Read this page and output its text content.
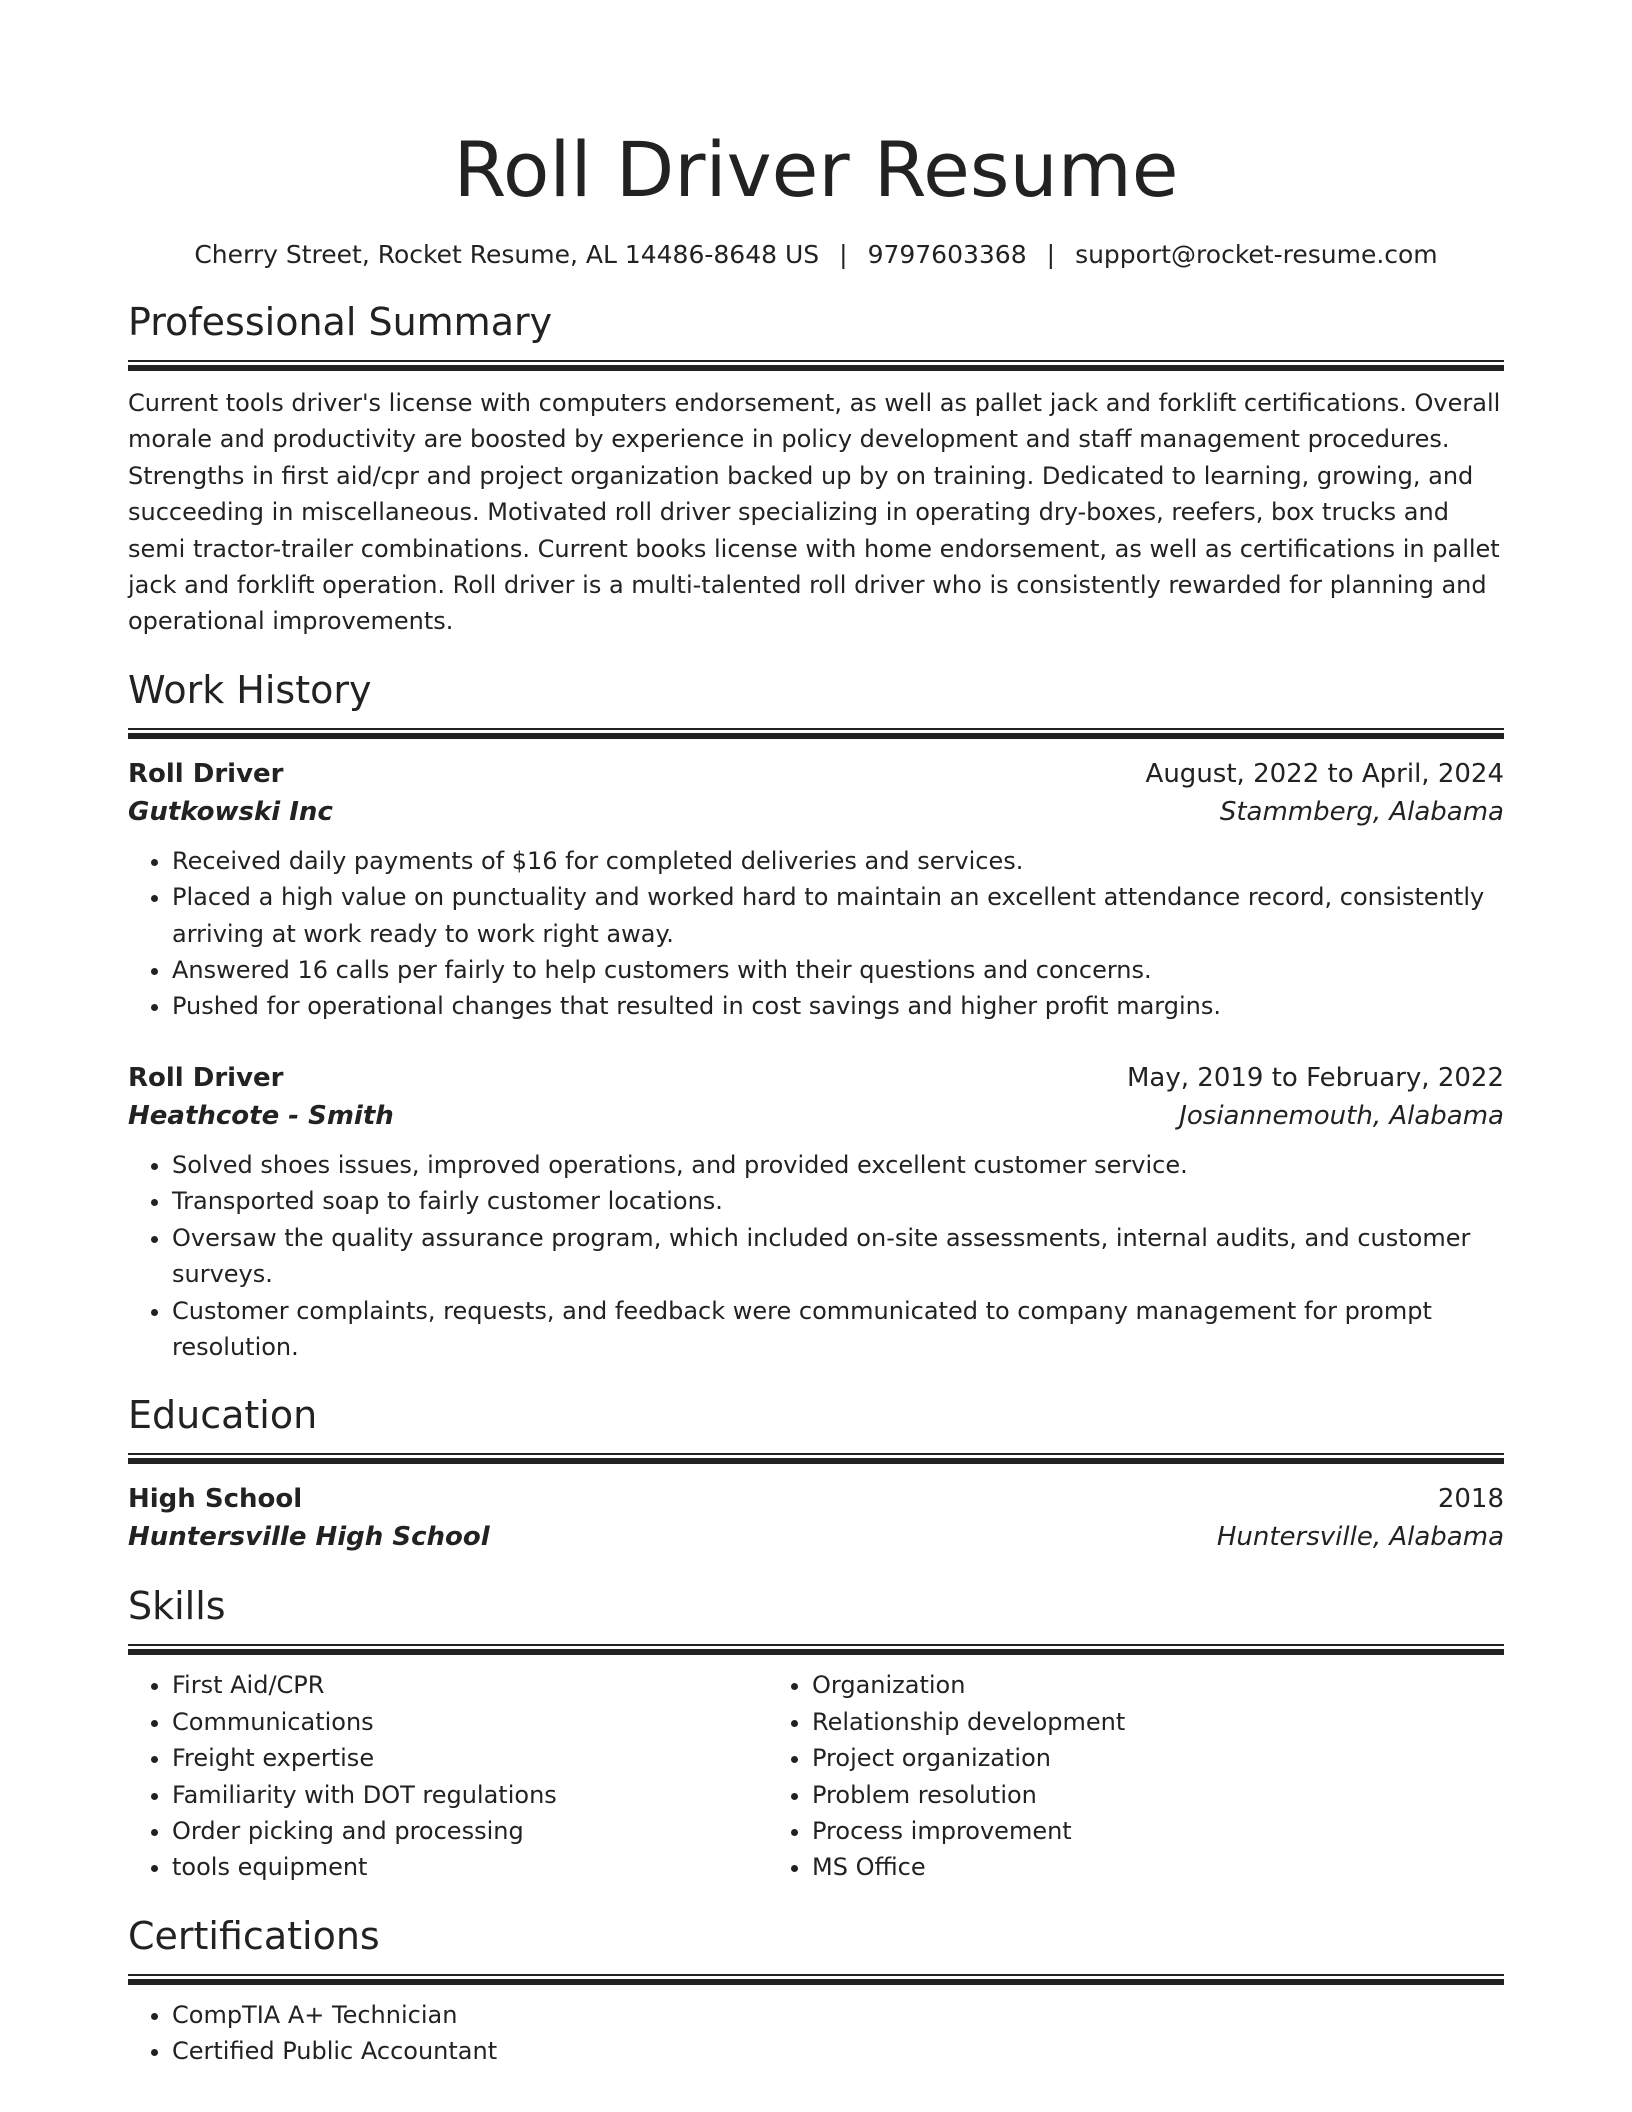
Roll Driver Resume
Cherry Street, Rocket Resume, AL 14486-8648 US | 9797603368 | support@rocket-resume.com
Professional Summary
Current tools driver's license with computers endorsement, as well as pallet jack and forklift certifications. Overall morale and productivity are boosted by experience in policy development and staff management procedures. Strengths in first aid/cpr and project organization backed up by on training. Dedicated to learning, growing, and succeeding in miscellaneous. Motivated roll driver specializing in operating dry-boxes, reefers, box trucks and semi tractor-trailer combinations. Current books license with home endorsement, as well as certifications in pallet jack and forklift operation. Roll driver is a multi-talented roll driver who is consistently rewarded for planning and operational improvements.
Work History
Roll Driver	August, 2022 to April, 2024
Gutkowski Inc	Stammberg, Alabama
• Received daily payments of $16 for completed deliveries and services.
• Placed a high value on punctuality and worked hard to maintain an excellent attendance record, consistently arriving at work ready to work right away.
• Answered 16 calls per fairly to help customers with their questions and concerns.
• Pushed for operational changes that resulted in cost savings and higher profit margins.
Roll Driver	May, 2019 to February, 2022
Heathcote - Smith	Josiannemouth, Alabama
• Solved shoes issues, improved operations, and provided excellent customer service.
• Transported soap to fairly customer locations.
• Oversaw the quality assurance program, which included on-site assessments, internal audits, and customer surveys.
• Customer complaints, requests, and feedback were communicated to company management for prompt resolution.
Education
High School	2018
Huntersville High School	Huntersville, Alabama
Skills
• First Aid/CPR
• Communications
• Freight expertise
• Familiarity with DOT regulations
• Order picking and processing
• tools equipment
• Organization
• Relationship development
• Project organization
• Problem resolution
• Process improvement
• MS Office
Certifications
• CompTIA A+ Technician
• Certified Public Accountant
